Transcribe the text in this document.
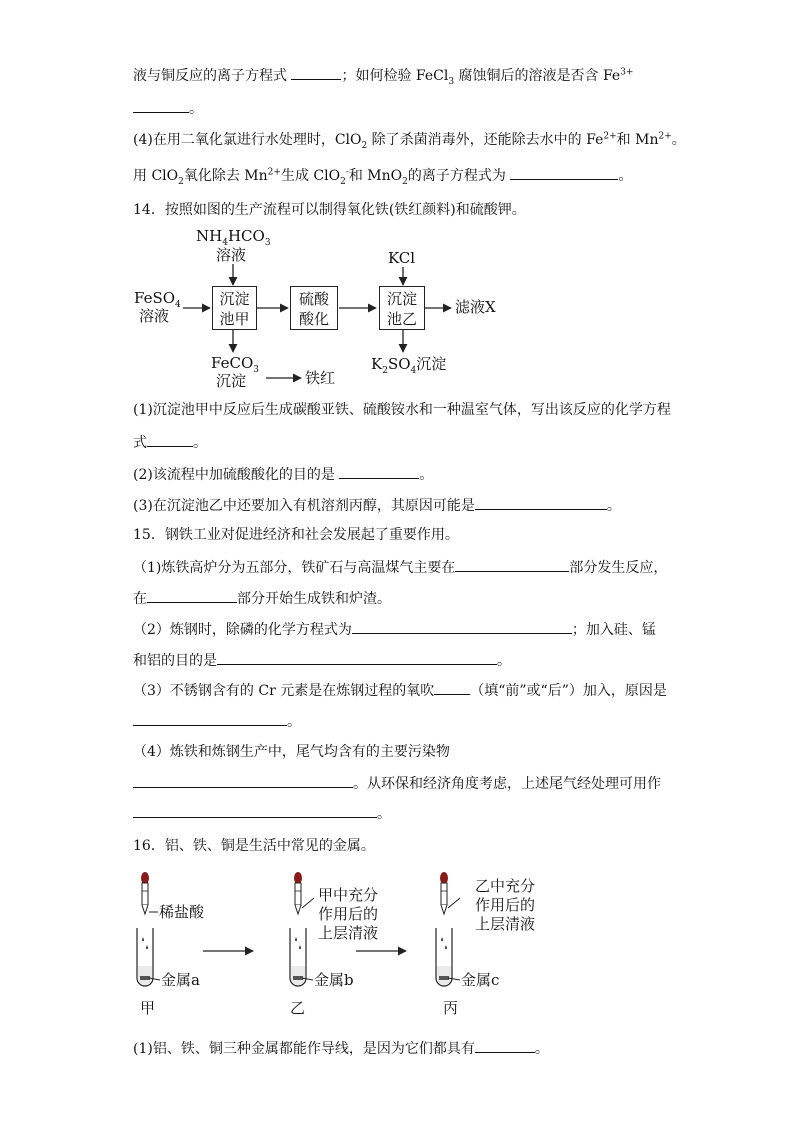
液与铜反应的离子方程式	；如何检验 FeCl$_3$ 腐蚀铜后的溶液是否含 $Fe^{3+}$
。
(4)在用二氧化氯进行水处理时，ClO$_2$ 除了杀菌消毒外，还能除去水中的 $Fe^{2+}$和 $Mn^{2+}$。
用 ClO$_2$氧化除去 $Mn^{2+}$生成 ClO$_2$-和 MnO$_2$的离子方程式为	。
14．按照如图的生产流程可以制得氧化铁(铁红颜料)和硫酸钾。
$NH_4HCO_3$
溶液	KCl
FeSO$_4$
溶液
沉淀
池甲
硫酸
酸化
沉淀
池乙
滤液X
FeCO$_3$
沉淀	铁红
$K_2SO_4$沉淀
(1)沉淀池甲中反应后生成碳酸亚铁、硫酸铵水和一种温室气体，写出该反应的化学方程
式	。
(2)该流程中加硫酸酸化的目的是	。
(3)在沉淀池乙中还要加入有机溶剂丙醇，其原因可能是	。
15．钢铁工业对促进经济和社会发展起了重要作用。
（1)炼铁高炉分为五部分，铁矿石与高温煤气主要在	部分发生反应，
在	部分开始生成铁和炉渣。
（2）炼钢时，除磷的化学方程式为	；加入硅、锰
和铝的目的是	。
（3）不锈钢含有的 Cr 元素是在炼钢过程的氧吹	（填“前”或“后”）加入，原因是
。
（4）炼铁和炼钢生产中，尾气均含有的主要污染物
。从环保和经济角度考虑，上述尾气经处理可用作
。
16．铝、铁、铜是生活中常见的金属。
稀盐酸
甲中充分
作用后的
上层清液
乙中充分
作用后的
上层清液
金属a	金属b	金属c
甲	乙	丙
(1)铝、铁、铜三种金属都能作导线，是因为它们都具有	。
